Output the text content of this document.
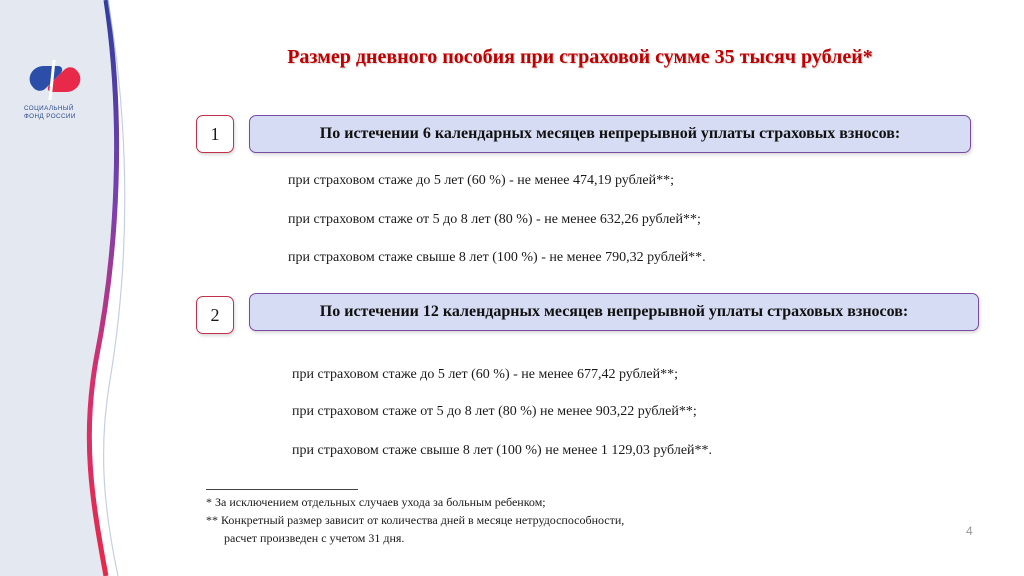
СОЦИАЛЬНЫЙ
ФОНД РОССИИ
Размер дневного пособия при страховой сумме 35 тысяч рублей*
1	По истечении 6 календарных месяцев непрерывной уплаты страховых взносов:

при страховом стаже до 5 лет (60 %) - не менее 474,19 рублей**;

при страховом стаже от 5 до 8 лет (80 %) - не менее 632,26 рублей**;

при страховом стаже свыше 8 лет (100 %) - не менее 790,32 рублей**.

2	По истечении 12 календарных месяцев непрерывной уплаты страховых взносов:

при страховом стаже до 5 лет (60 %) - не менее 677,42 рублей**;

при страховом стаже от 5 до 8 лет (80 %) не менее 903,22 рублей**;

при страховом стаже свыше 8 лет (100 %) не менее 1 129,03 рублей**.

* За исключением отдельных случаев ухода за больным ребенком;

** Конкретный размер зависит от количества дней в месяце нетрудоспособности,

расчет произведен с учетом 31 дня.	4
